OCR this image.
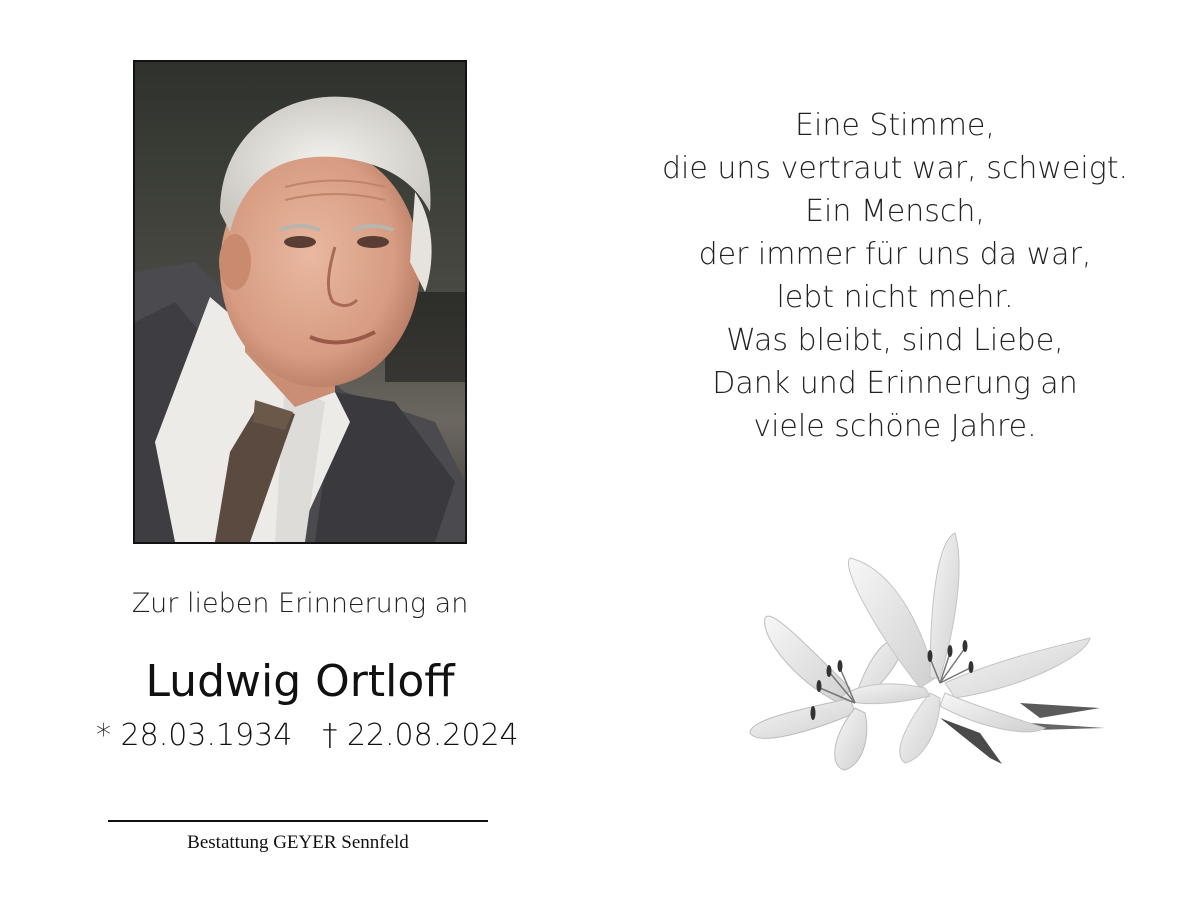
Zur lieben Erinnerung an
Ludwig Ortloff
* 28.03.1934 † 22.08.2024
Bestattung GEYER Sennfeld
Eine Stimme,
die uns vertraut war, schweigt.
Ein Mensch,
der immer für uns da war,
lebt nicht mehr.
Was bleibt, sind Liebe,
Dank und Erinnerung an
viele schöne Jahre.
